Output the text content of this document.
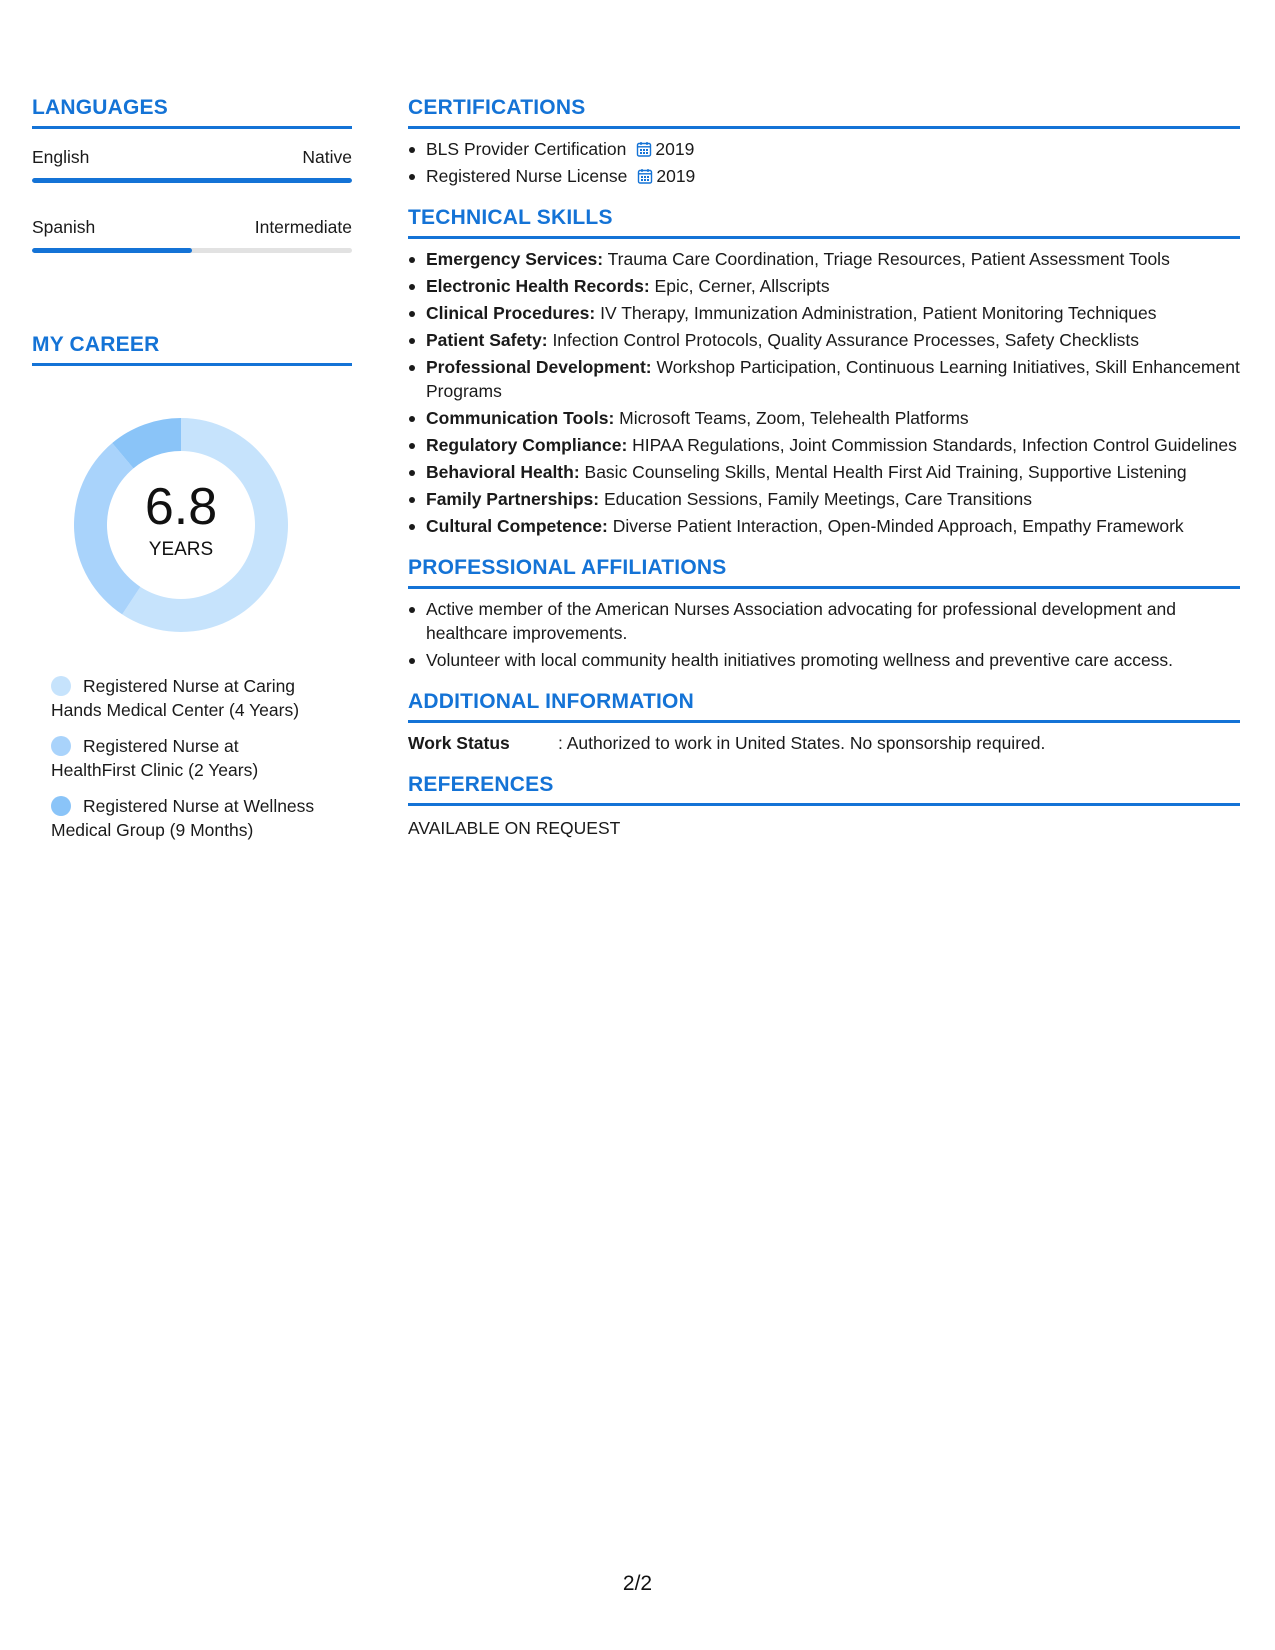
LANGUAGES
English	Native
Spanish	Intermediate
MY CAREER
6.8
YEARS
Registered Nurse at Caring Hands Medical Center (4 Years)
Registered Nurse at HealthFirst Clinic (2 Years)
Registered Nurse at Wellness Medical Group (9 Months)
CERTIFICATIONS
BLS Provider Certification 2019
Registered Nurse License 2019
TECHNICAL SKILLS
Emergency Services: Trauma Care Coordination, Triage Resources, Patient Assessment Tools
Electronic Health Records: Epic, Cerner, Allscripts
Clinical Procedures: IV Therapy, Immunization Administration, Patient Monitoring Techniques
Patient Safety: Infection Control Protocols, Quality Assurance Processes, Safety Checklists
Professional Development: Workshop Participation, Continuous Learning Initiatives, Skill Enhancement Programs
Communication Tools: Microsoft Teams, Zoom, Telehealth Platforms
Regulatory Compliance: HIPAA Regulations, Joint Commission Standards, Infection Control Guidelines
Behavioral Health: Basic Counseling Skills, Mental Health First Aid Training, Supportive Listening
Family Partnerships: Education Sessions, Family Meetings, Care Transitions
Cultural Competence: Diverse Patient Interaction, Open-Minded Approach, Empathy Framework
PROFESSIONAL AFFILIATIONS
Active member of the American Nurses Association advocating for professional development and healthcare improvements.
Volunteer with local community health initiatives promoting wellness and preventive care access.
ADDITIONAL INFORMATION
Work Status	: Authorized to work in United States. No sponsorship required.
REFERENCES
AVAILABLE ON REQUEST
2/2
